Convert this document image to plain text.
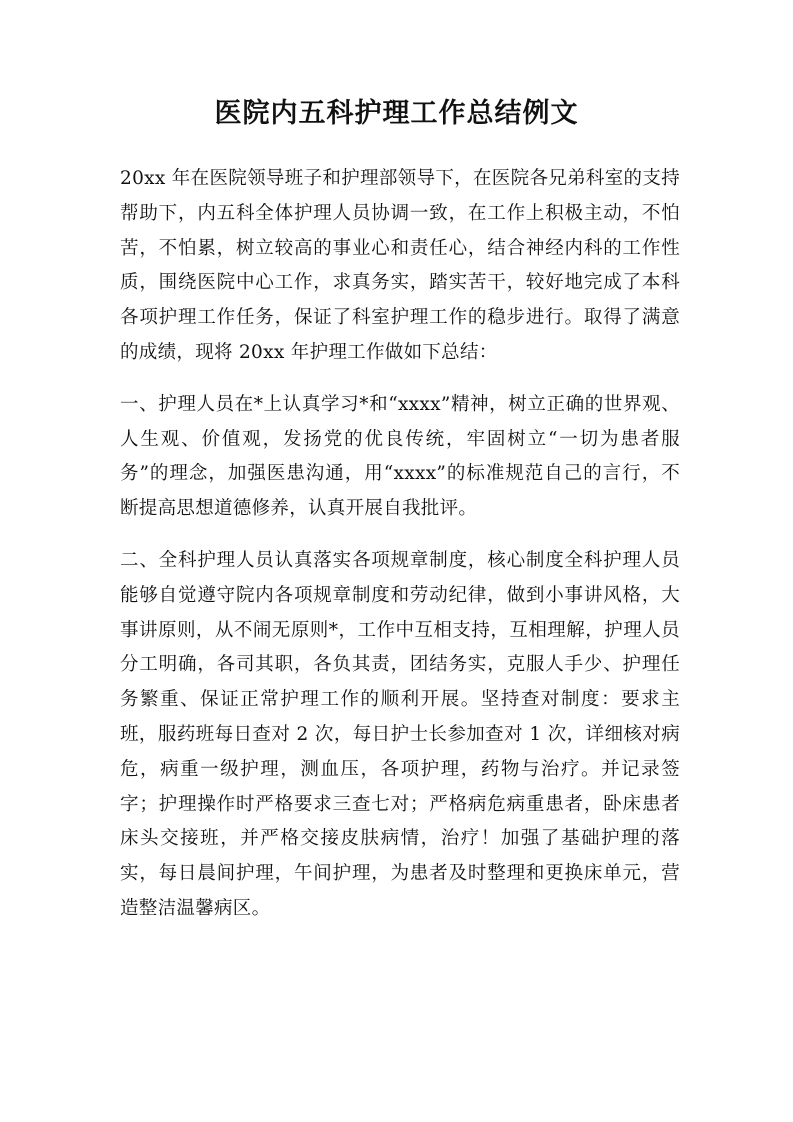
医院内五科护理工作总结例文

20xx 年在医院领导班子和护理部领导下，在医院各兄弟科室的支持帮助下，内五科全体护理人员协调一致，在工作上积极主动，不怕苦，不怕累，树立较高的事业心和责任心，结合神经内科的工作性质，围绕医院中心工作，求真务实，踏实苦干，较好地完成了本科各项护理工作任务，保证了科室护理工作的稳步进行。取得了满意的成绩，现将 20xx 年护理工作做如下总结：

一、护理人员在*上认真学习*和“xxxx”精神，树立正确的世界观、人生观、价值观，发扬党的优良传统，牢固树立“一切为患者服务”的理念，加强医患沟通，用“xxxx”的标准规范自己的言行，不断提高思想道德修养，认真开展自我批评。

二、全科护理人员认真落实各项规章制度，核心制度全科护理人员能够自觉遵守院内各项规章制度和劳动纪律，做到小事讲风格，大事讲原则，从不闹无原则*，工作中互相支持，互相理解，护理人员分工明确，各司其职，各负其责，团结务实，克服人手少、护理任务繁重、保证正常护理工作的顺利开展。坚持查对制度：要求主班，服药班每日查对 2 次，每日护士长参加查对 1 次，详细核对病危，病重一级护理，测血压，各项护理，药物与治疗。并记录签字；护理操作时严格要求三查七对；严格病危病重患者，卧床患者床头交接班，并严格交接皮肤病情，治疗！加强了基础护理的落实，每日晨间护理，午间护理，为患者及时整理和更换床单元，营造整洁温馨病区。
